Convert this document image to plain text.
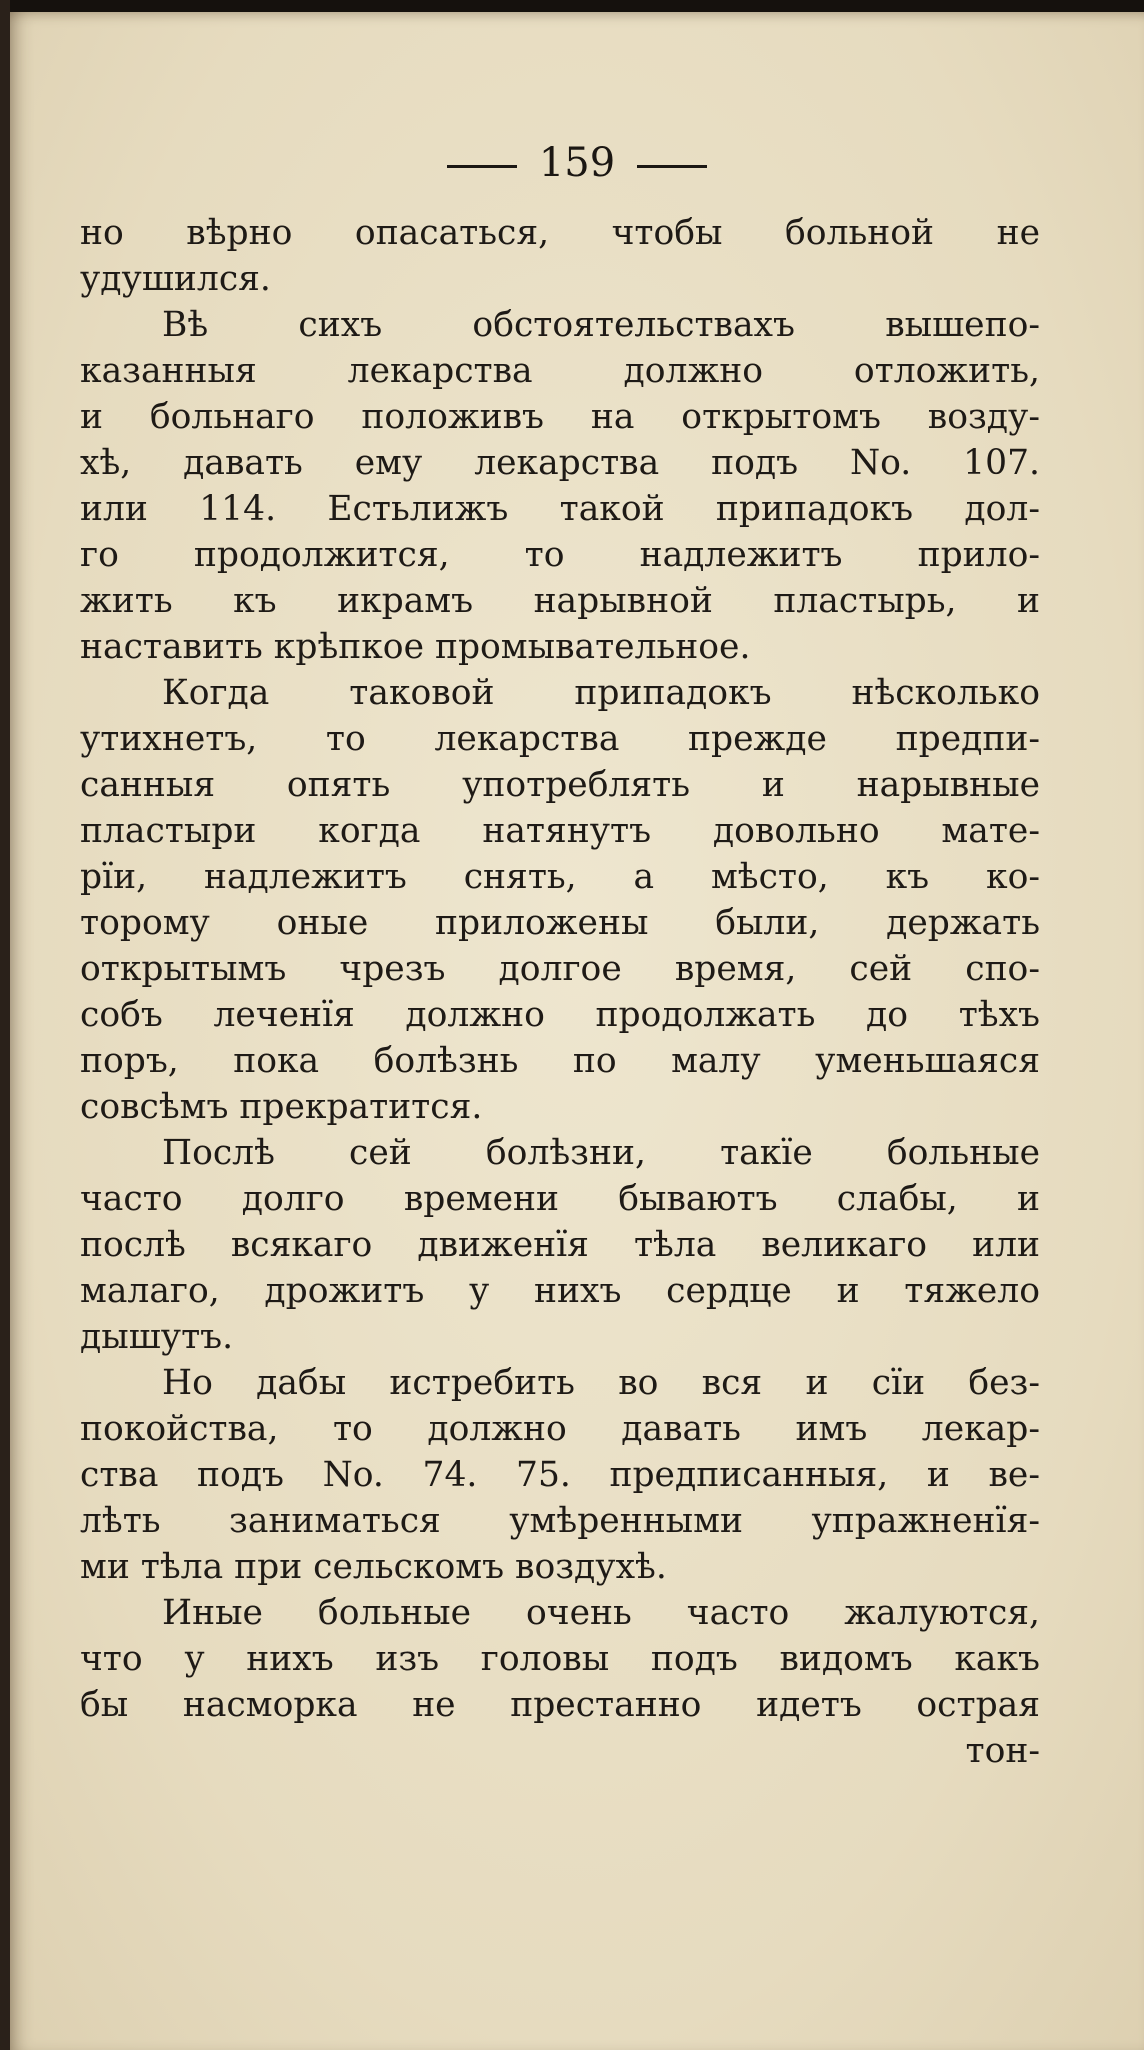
159
но вѣрно опасаться, чтобы больной не
удушился.
Вѣ сихъ обстоятельствахъ вышепо-
казанныя лекарства должно отложить,
и больнаго положивъ на открытомъ возду-
хѣ, давать ему лекарства подъ No. 107.
или 114. Естьлижъ такой припадокъ дол-
го продолжится, то надлежитъ прило-
жить къ икрамъ нарывной пластырь, и
наставить крѣпкое промывательное.
Когда таковой припадокъ нѣсколько
утихнетъ, то лекарства прежде предпи-
санныя опять употреблять и нарывные
пластыри когда натянутъ довольно мате-
рїи, надлежитъ снять, а мѣсто, къ ко-
торому оные приложены были, держать
открытымъ чрезъ долгое время, сей спо-
собъ леченїя должно продолжать до тѣхъ
поръ, пока болѣзнь по малу уменьшаяся
совсѣмъ прекратится.
Послѣ сей болѣзни, такїе больные
часто долго времени бываютъ слабы, и
послѣ всякаго движенїя тѣла великаго или
малаго, дрожитъ у нихъ сердце и тяжело
дышутъ.
Но дабы истребить во вся и сїи без-
покойства, то должно давать имъ лекар-
ства подъ No. 74. 75. предписанныя, и ве-
лѣть заниматься умѣренными упражненїя-
ми тѣла при сельскомъ воздухѣ.
Иные больные очень часто жалуются,
что у нихъ изъ головы подъ видомъ какъ
бы насморка не престанно идетъ острая
тон-
